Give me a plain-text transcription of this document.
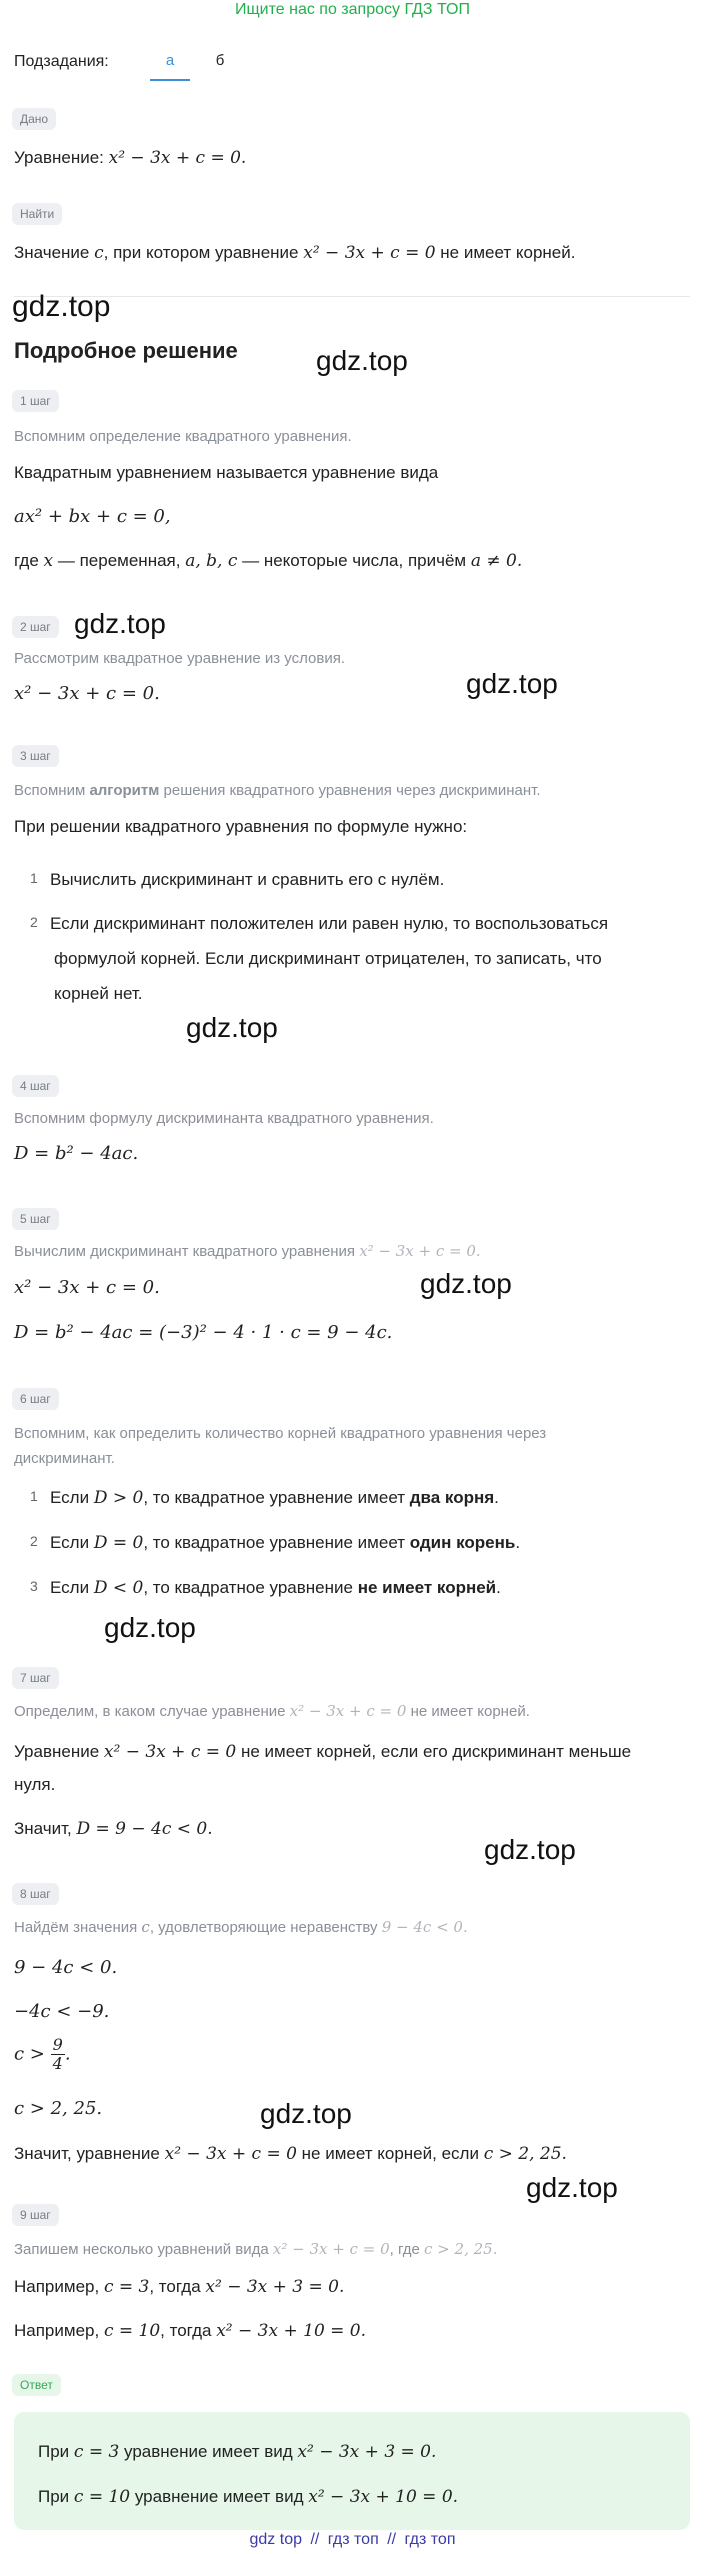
Ищите нас по запросу ГДЗ ТОП
Подзадания:	а	б
Дано
Уравнение: x² − 3x + c = 0.
Найти
Значение c, при котором уравнение x² − 3x + c = 0 не имеет корней.
gdz.top
Подробное решение	gdz.top
1 шаг
Вспомним определение квадратного уравнения.
Квадратным уравнением называется уравнение вида
ax² + bx + c = 0,
где x — переменная, a, b, c — некоторые числа, причём a ≠ 0.
2 шаг gdz.top
Рассмотрим квадратное уравнение из условия.
gdz.top
x² − 3x + c = 0.
3 шаг
Вспомним алгоритм решения квадратного уравнения через дискриминант.
При решении квадратного уравнения по формуле нужно:
1 Вычислить дискриминант и сравнить его с нулём.
2 Если дискриминант положителен или равен нулю, то воспользоваться
формулой корней. Если дискриминант отрицателен, то записать, что
корней нет.
gdz.top
4 шаг
Вспомним формулу дискриминанта квадратного уравнения.
D = b² − 4ac.
5 шаг
Вычислим дискриминант квадратного уравнения x² − 3x + c = 0.
gdz.top
x² − 3x + c = 0.
D = b² − 4ac = (−3)² − 4 · 1 · c = 9 − 4c.
6 шаг
Вспомним, как определить количество корней квадратного уравнения через
дискриминант.
1 Если D > 0, то квадратное уравнение имеет два корня.
2 Если D = 0, то квадратное уравнение имеет один корень.
3 Если D < 0, то квадратное уравнение не имеет корней.
gdz.top
7 шаг
Определим, в каком случае уравнение x² − 3x + c = 0 не имеет корней.
Уравнение x² − 3x + c = 0 не имеет корней, если его дискриминант меньше
нуля.
Значит, D = 9 − 4c < 0.
gdz.top
8 шаг
Найдём значения c, удовлетворяющие неравенству 9 − 4c < 0.
9 − 4c < 0.
−4c < −9.
$c > \frac{9}{4}$ .
c > 2, 25.	gdz.top
Значит, уравнение x² − 3x + c = 0 не имеет корней, если c > 2, 25.
gdz.top
9 шаг
Запишем несколько уравнений вида x² − 3x + c = 0, где c > 2, 25.
Например, c = 3, тогда x² − 3x + 3 = 0.
Например, c = 10, тогда x² − 3x + 10 = 0.
Ответ
При c = 3 уравнение имеет вид x² − 3x + 3 = 0.
При c = 10 уравнение имеет вид x² − 3x + 10 = 0.
gdz top // гдз топ // гдз топ
